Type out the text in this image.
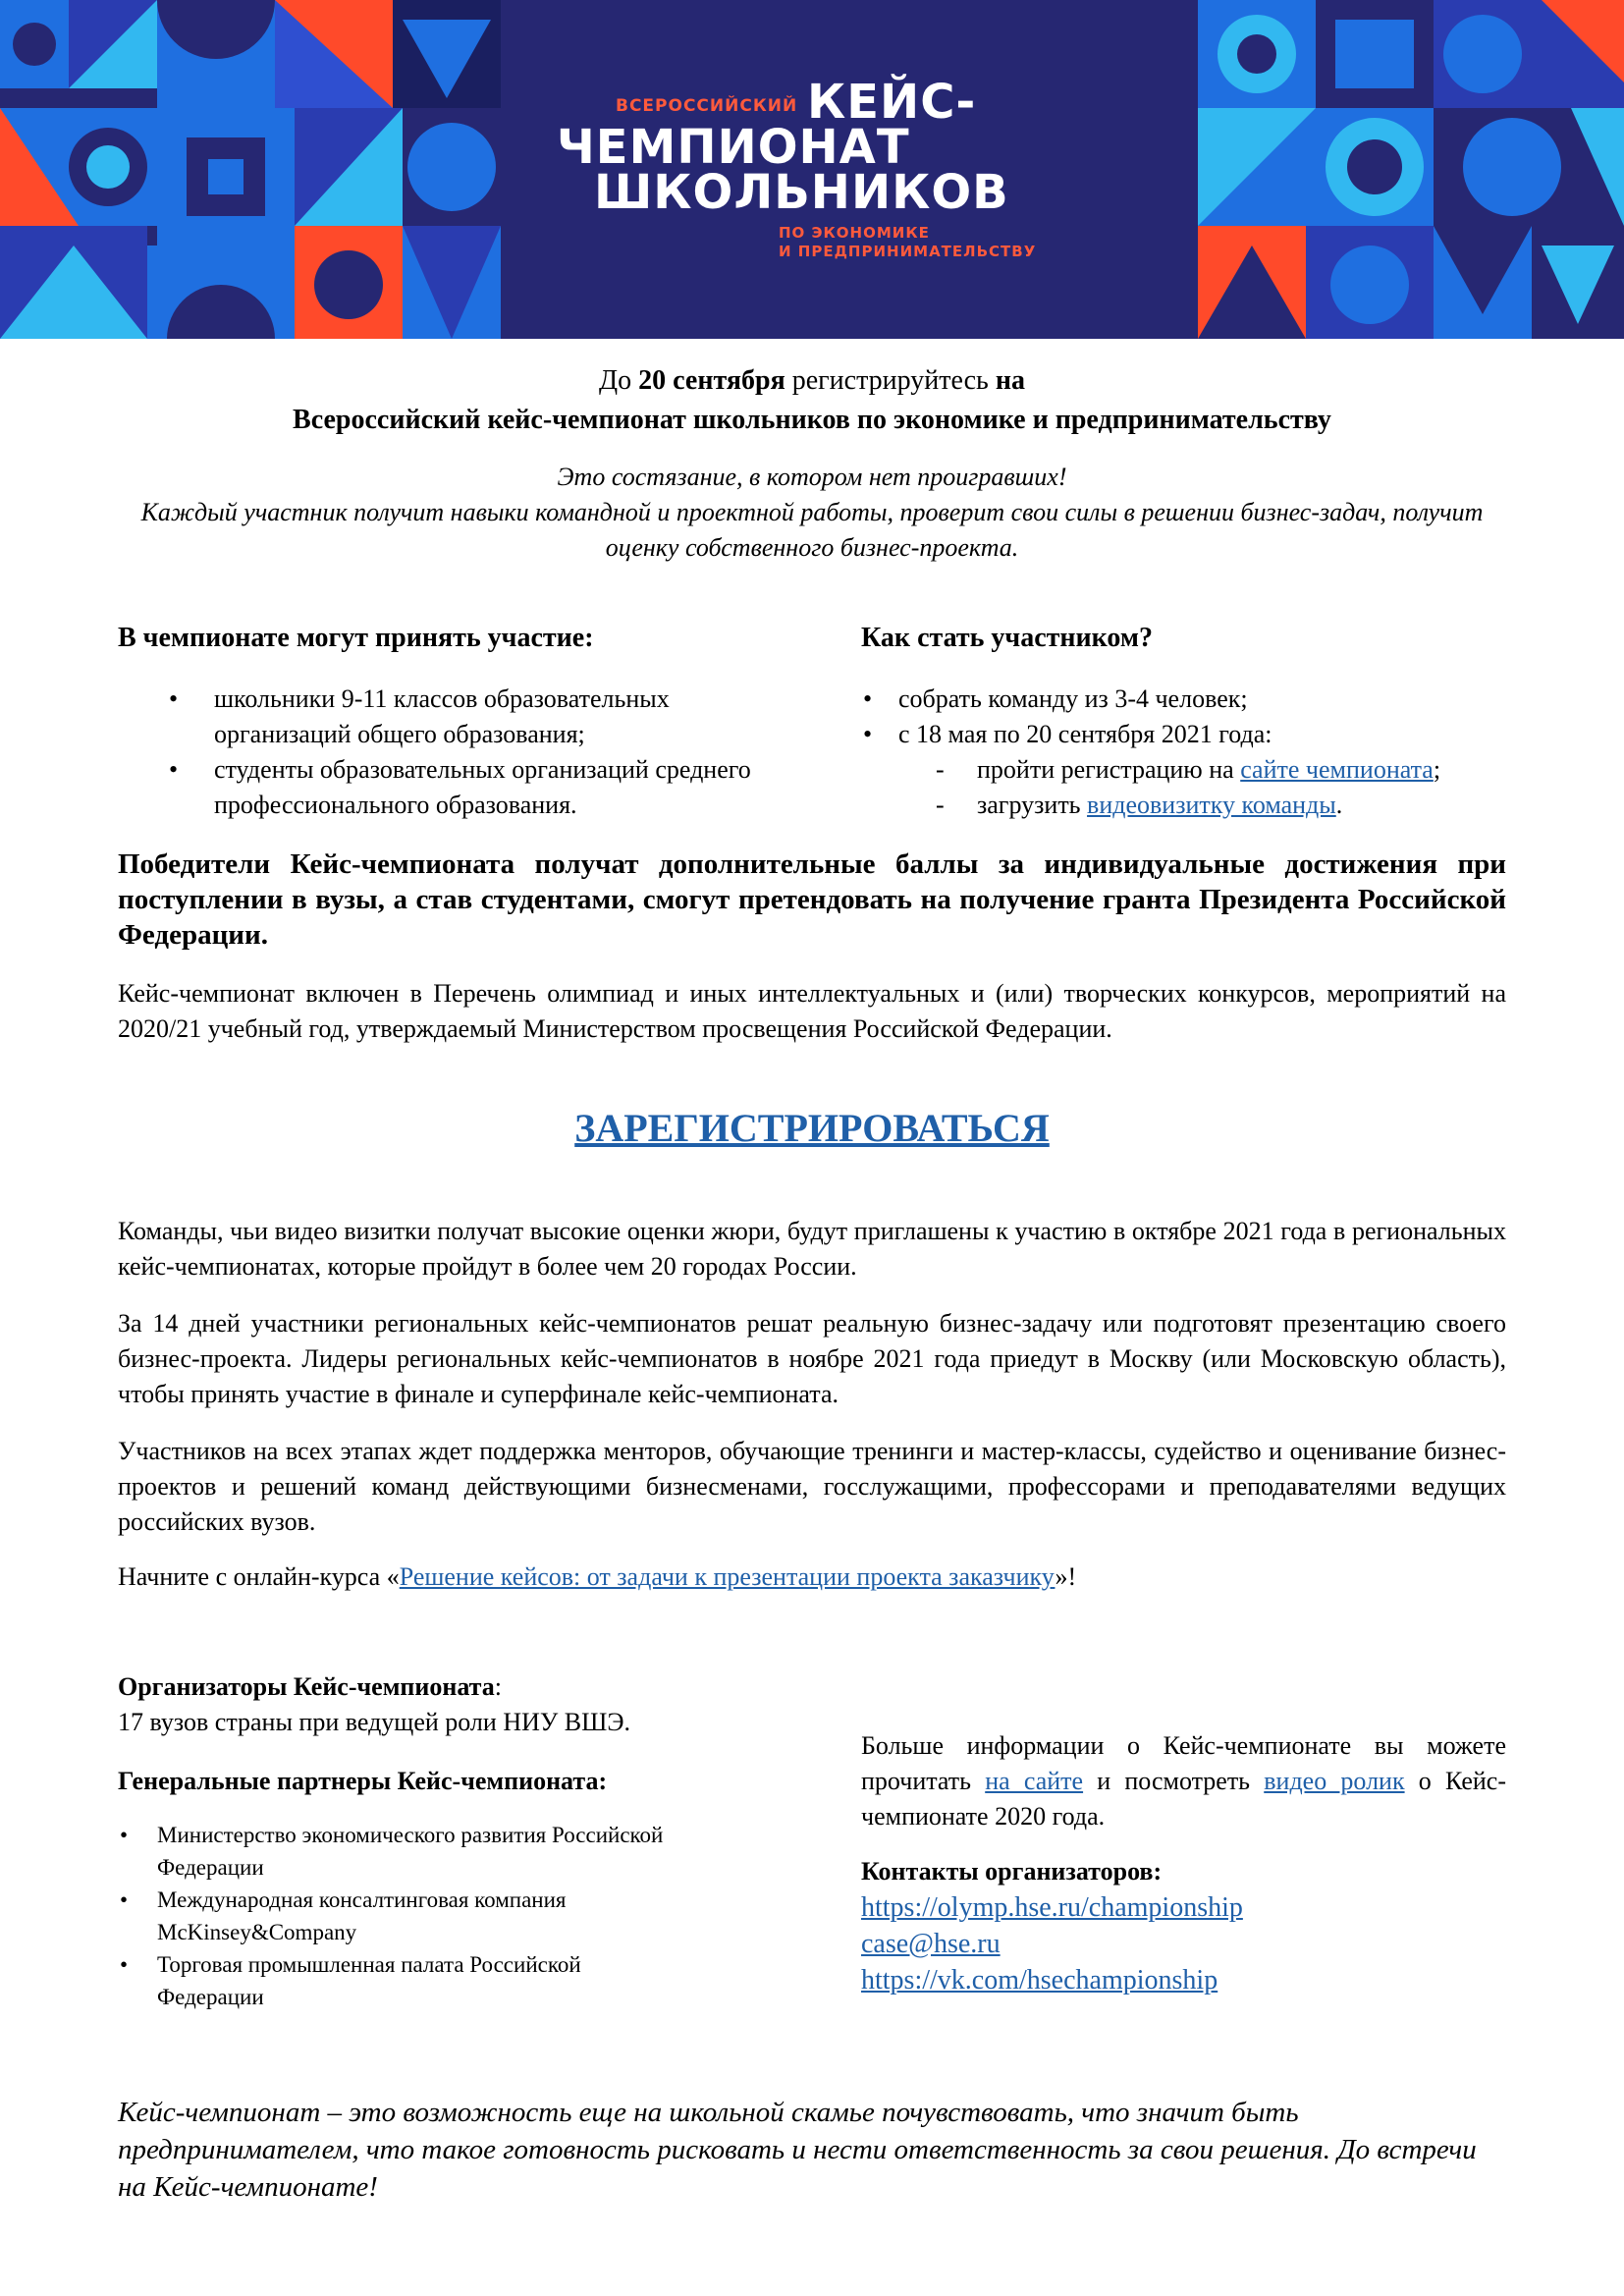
ВСЕРОССИЙСКИЙ КЕЙС-
ЧЕМПИОНАТ
ШКОЛЬНИКОВ
ПО ЭКОНОМИКЕ
И ПРЕДПРИНИМАТЕЛЬСТВУ
До 20 сентября регистрируйтесь на
Всероссийский кейс-чемпионат школьников по экономике и предпринимательству
Это состязание, в котором нет проигравших!
Каждый участник получит навыки командной и проектной работы, проверит свои силы в решении бизнес-задач, получит оценку собственного бизнес-проекта.
В чемпионате могут принять участие:
• школьники 9-11 классов образовательных организаций общего образования;
• студенты образовательных организаций среднего профессионального образования.
Как стать участником?
• собрать команду из 3-4 человек;
• с 18 мая по 20 сентября 2021 года:
- пройти регистрацию на сайте чемпионата;
- загрузить видеовизитку команды.
Победители Кейс-чемпионата получат дополнительные баллы за индивидуальные достижения при поступлении в вузы, а став студентами, смогут претендовать на получение гранта Президента Российской Федерации.
Кейс-чемпионат включен в Перечень олимпиад и иных интеллектуальных и (или) творческих конкурсов, мероприятий на 2020/21 учебный год, утверждаемый Министерством просвещения Российской Федерации.
ЗАРЕГИСТРИРОВАТЬСЯ
Команды, чьи видео визитки получат высокие оценки жюри, будут приглашены к участию в октябре 2021 года в региональных кейс-чемпионатах, которые пройдут в более чем 20 городах России.
За 14 дней участники региональных кейс-чемпионатов решат реальную бизнес-задачу или подготовят презентацию своего бизнес-проекта. Лидеры региональных кейс-чемпионатов в ноябре 2021 года приедут в Москву (или Московскую область), чтобы принять участие в финале и суперфинале кейс-чемпионата.
Участников на всех этапах ждет поддержка менторов, обучающие тренинги и мастер-классы, судейство и оценивание бизнес-проектов и решений команд действующими бизнесменами, госслужащими, профессорами и преподавателями ведущих российских вузов.
Начните с онлайн-курса «Решение кейсов: от задачи к презентации проекта заказчику»!
Организаторы Кейс-чемпионата:
17 вузов страны при ведущей роли НИУ ВШЭ.
Генеральные партнеры Кейс-чемпионата:
• Министерство экономического развития Российской Федерации
• Международная консалтинговая компания McKinsey&Company
• Торговая промышленная палата Российской Федерации
Больше информации о Кейс-чемпионате вы можете прочитать на сайте и посмотреть видео ролик о Кейс-чемпионате 2020 года.
Контакты организаторов:
https://olymp.hse.ru/championship
case@hse.ru
https://vk.com/hsechampionship
Кейс-чемпионат – это возможность еще на школьной скамье почувствовать, что значит быть предпринимателем, что такое готовность рисковать и нести ответственность за свои решения. До встречи на Кейс-чемпионате!
